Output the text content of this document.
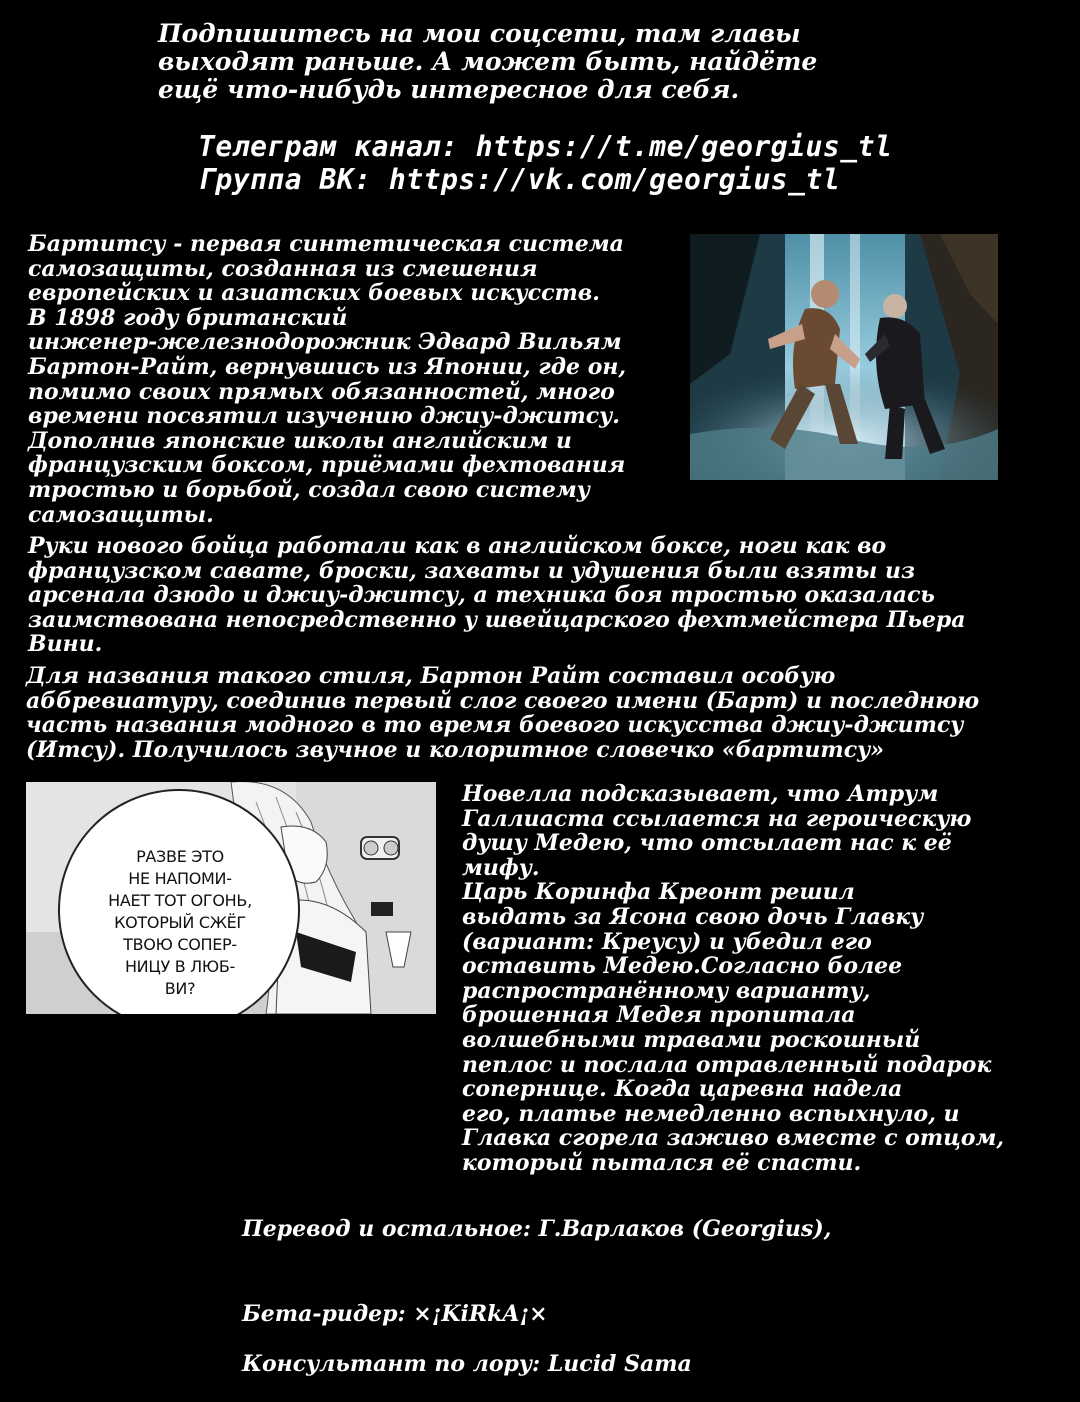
Подпишитесь на мои соцсети, там главы
выходят раньше. А может быть, найдёте
ещё что-нибудь интересное для себя.
Телеграм канал: https://t.me/georgius_tl
Группа ВК: https://vk.com/georgius_tl
Бартитсу - первая синтетическая система
самозащиты, созданная из смешения
европейских и азиатских боевых искусств.
В 1898 году британский
инженер-железнодорожник Эдвард Вильям
Бартон-Райт, вернувшись из Японии, где он,
помимо своих прямых обязанностей, много
времени посвятил изучению джиу-джитсу.
Дополнив японские школы английским и
французским боксом, приёмами фехтования
тростью и борьбой, создал свою систему
самозащиты.
Руки нового бойца работали как в английском боксе, ноги как во
французском савате, броски, захваты и удушения были взяты из
арсенала дзюдо и джиу-джитсу, а техника боя тростью оказалась
заимствована непосредственно у швейцарского фехтмейстера Пьера
Вини.
Для названия такого стиля, Бартон Райт составил особую
аббревиатуру, соединив первый слог своего имени (Барт) и последнюю
часть названия модного в то время боевого искусства джиу-джитсу
(Итсу). Получилось звучное и колоритное словечко «бартитсу»
РАЗВЕ ЭТО
НЕ НАПОМИ-
НАЕТ ТОТ ОГОНЬ,
КОТОРЫЙ СЖЁГ
ТВОЮ СОПЕР-
НИЦУ В ЛЮБ-
ВИ?
Новелла подсказывает, что Атрум
Галлиаста ссылается на героическую
душу Медею, что отсылает нас к её
мифу.
Царь Коринфа Креонт решил
выдать за Ясона свою дочь Главку
(вариант: Креусу) и убедил его
оставить Медею.Согласно более
распространённому варианту,
брошенная Медея пропитала
волшебными травами роскошный
пеплос и послала отравленный подарок
сопернице. Когда царевна надела
его, платье немедленно вспыхнуло, и
Главка сгорела заживо вместе с отцом,
который пытался её спасти.

Перевод и остальное: Г.Варлаков (Georgius),

Бета-ридер: ×¡KiRkA¡×

Консультант по лору: Lucid Sama
